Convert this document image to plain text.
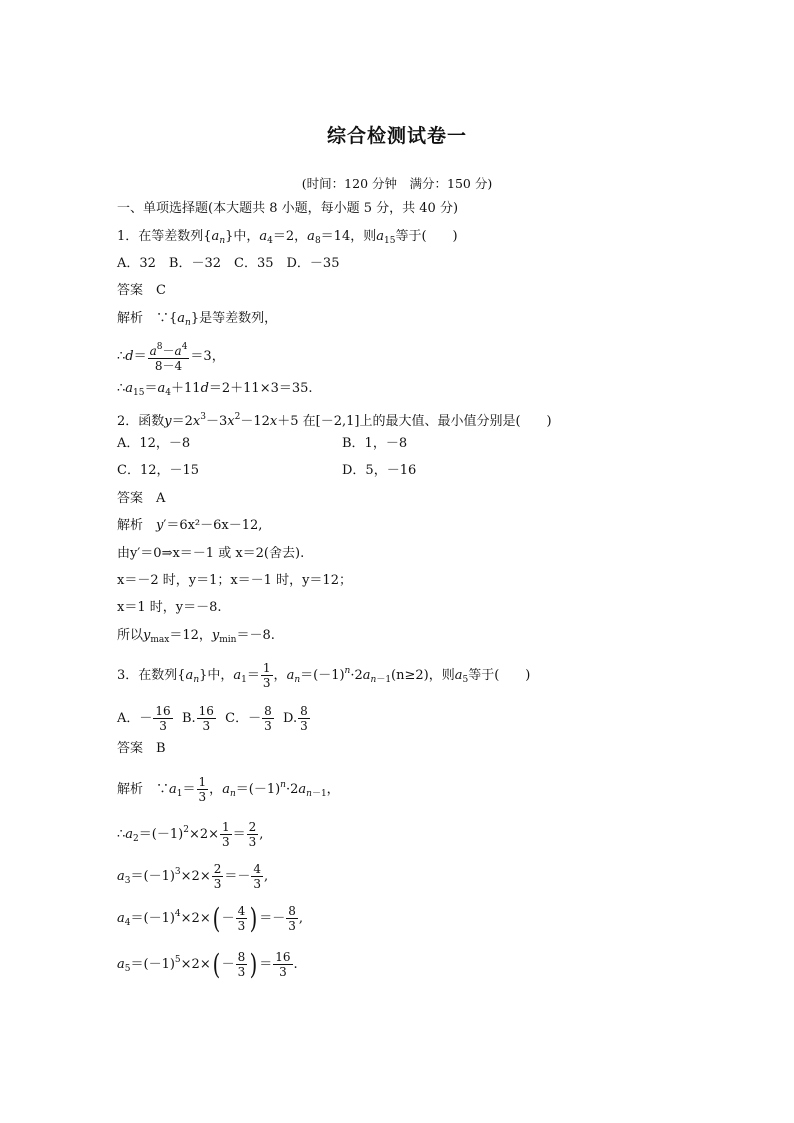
综合检测试卷一
(时间：120 分钟　满分：150 分)
一、单项选择题(本大题共 8 小题，每小题 5 分，共 40 分)
1．在等差数列$\{a_n\}$中，$a_4=2$，$a_8=14$，则$a_{15}$等于(　　)
A．32　B．－32　C．35　D．－35
答案　C
解析　$\because\{a_n\}$是等差数列，
∴d＝ $\frac{a^8-a^4}{8-4} =3$，
$\therefore a_{15}=a_4+11d=2+11\times 3=35$.
2．函数$y=2x^3-3x^2-12x+5$ 在[－2,1]上的最大值、最小值分别是(　　)
A．12，－8	B．1，－8
C．12，－15	D．5，－16
答案　A
解析　y′＝6x²－6x－12,
由y′＝0⇒x＝－1 或 x＝2(舍去).
x＝－2 时，y＝1；x＝－1 时，y＝12；
x＝1 时，y＝－8.
所以$y_{max}=12$，$y_{min}=-8$.
3．在数列$\{a_n\}$中，$a_1= \frac{1}{3}$ ，$a_n=(-1)^n\cdot 2a_{n-1}(n\ge 2)$，则$a_5$等于(　　)
A．－ $\frac{16}{3} B$. $\frac{16}{3}$ C．－ $\frac{8}{3} D$. $\frac{8}{3}$
答案　B
解析　$\because a_1= \frac{1}{3}$ ，$a_n=(-1)^n\cdot 2a_{n-1}$，
$\therefore a_2=(-1)^2\times 2\times \frac{1}{3} = \frac{2}{3}$ ,
$a_3=(-1)^3\times 2\times \frac{2}{3} =- \frac{4}{3}$ ,
$a_4=(-1)^4\times 2\times( - \frac{4}{3}$ ) ＝－ $\frac{8}{3}$ ,
$a_5=(-1)^5\times 2\times( - \frac{8}{3}$ ) ＝ $\frac{16}{3}$ .
